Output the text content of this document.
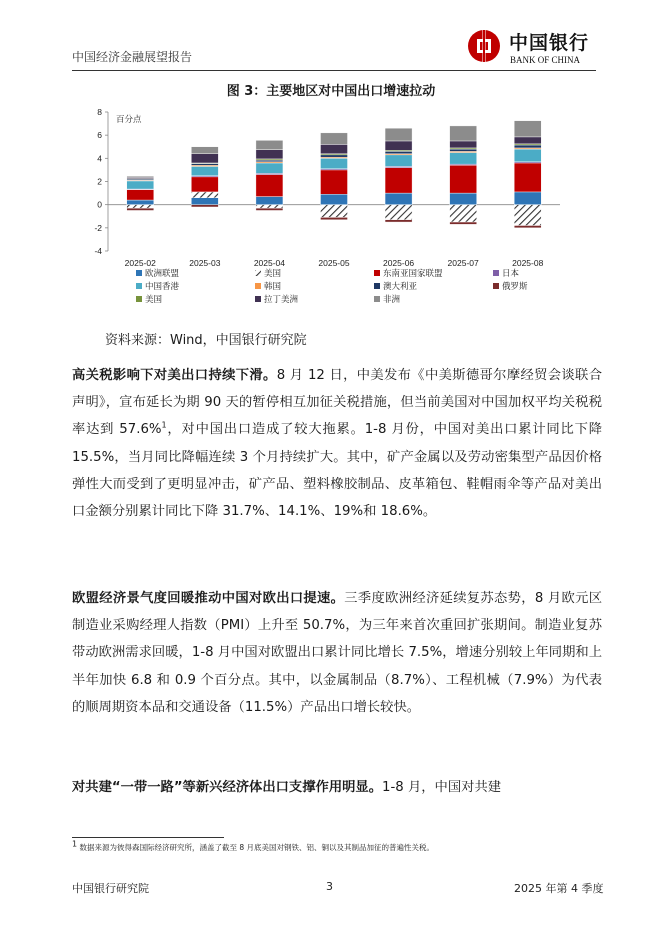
中国经济金融展望报告
中国银行
BANK OF CHINA
图 3：主要地区对中国出口增速拉动
8
6
4
2
0
-2
-4
百分点
2025-02	2025-03	2025-04	2025-05	2025-06	2025-07	2025-08
欧洲联盟	美国	东南亚国家联盟	日本
中国香港	韩国	澳大利亚	俄罗斯
美国	拉丁美洲	非洲
资料来源：Wind，中国银行研究院
高关税影响下对美出口持续下滑。8 月 12 日，中美发布《中美斯德哥尔摩经贸会谈联合声明》，宣布延长为期 90 天的暂停相互加征关税措施，但当前美国对中国加权平均关税税率达到 57.6%$^1$，对中国出口造成了较大拖累。1-8 月份，中国对美出口累计同比下降 15.5%，当月同比降幅连续 3 个月持续扩大。其中，矿产金属以及劳动密集型产品因价格弹性大而受到了更明显冲击，矿产品、塑料橡胶制品、皮革箱包、鞋帽雨伞等产品对美出口金额分别累计同比下降 31.7%、14.1%、19%和 18.6%。
欧盟经济景气度回暖推动中国对欧出口提速。三季度欧洲经济延续复苏态势，8 月欧元区制造业采购经理人指数（PMI）上升至 50.7%，为三年来首次重回扩张期间。制造业复苏带动欧洲需求回暖，1-8 月中国对欧盟出口累计同比增长 7.5%，增速分别较上年同期和上半年加快 6.8 和 0.9 个百分点。其中，以金属制品（8.7%）、工程机械（7.9%）为代表的顺周期资本品和交通设备（11.5%）产品出口增长较快。
对共建“一带一路”等新兴经济体出口支撑作用明显。1-8 月，中国对共建
$^1$ 数据来源为彼得森国际经济研究所，涵盖了截至 8 月底美国对钢铁、铝、铜以及其制品加征的普遍性关税。
中国银行研究院	3	2025 年第 4 季度
